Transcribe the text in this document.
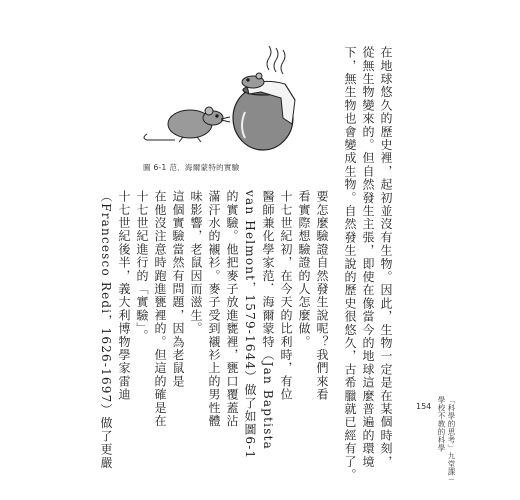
圖 6-1 范．海爾蒙特的實驗	在地球悠久的歷史裡，起初並沒有生物。因此，生物一定是在某個時刻，
從無生物變來的。但自然發生主張，即使在像當今的地球這麼普遍的環境
下，無生物也會變成生物。自然發生說的歷史很悠久，古希臘就已經有了。
要怎麼驗證自然發生說呢？我們來看
看實際想驗證的人怎麼做。
十七世紀初，在今天的比利時，有位
醫師兼化學家范．海爾蒙特（Jan Baptista
van Helmont，1579-1644）做了如圖6-1
的實驗。他把麥子放進甕裡，甕口覆蓋沾
滿汗水的襯衫。麥子受到襯衫上的男性體
味影響，老鼠因而滋生。
這個實驗當然有問題，因為老鼠是
在他沒注意時跑進甕裡的。但這的確是在
十七世紀進行的「實驗」。
十七世紀後半，義大利博物學家雷迪
（Francesco Redi，1626-1697）做了更嚴	154 「科學的思考」九堂課－
學校不教的科學
